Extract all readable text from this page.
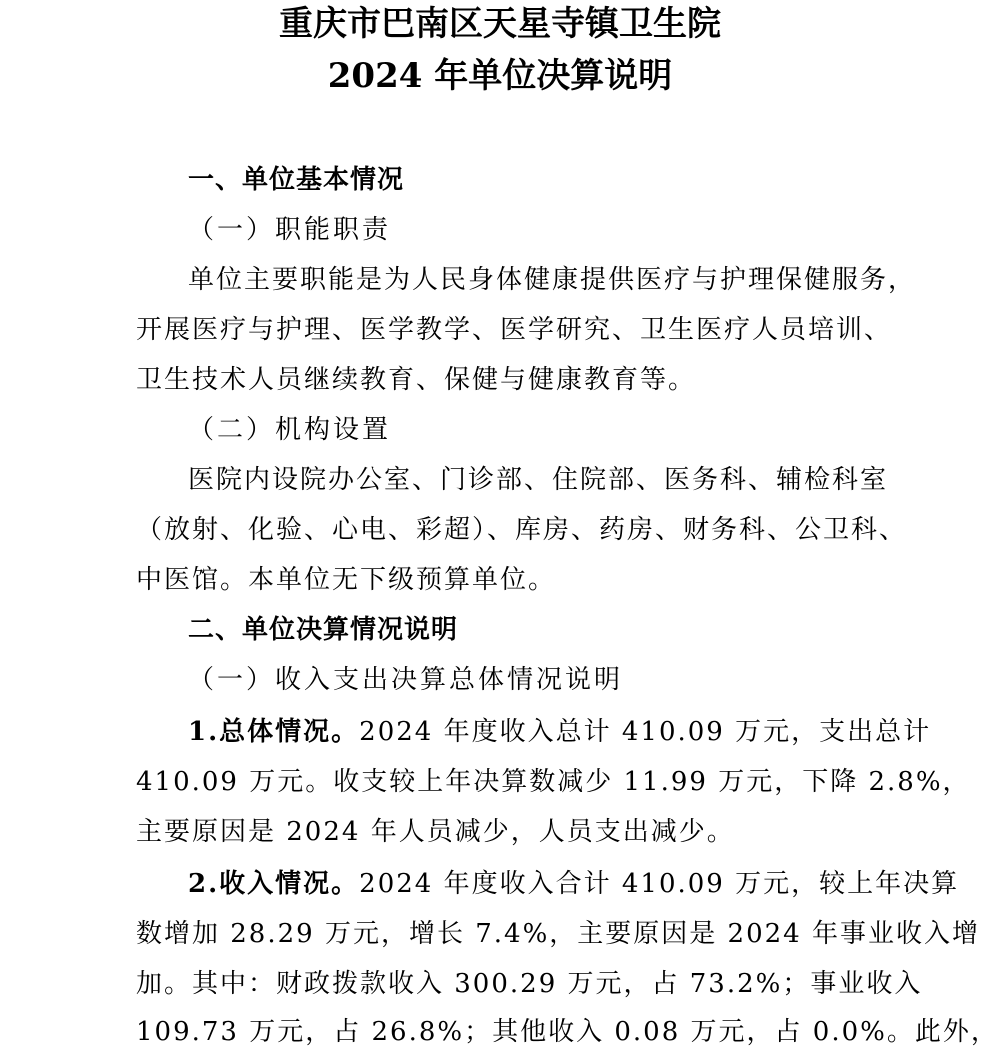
重庆市巴南区天星寺镇卫生院
2024 年单位决算说明

一、单位基本情况

（一）职能职责

单位主要职能是为人民身体健康提供医疗与护理保健服务，

开展医疗与护理、医学教学、医学研究、卫生医疗人员培训、

卫生技术人员继续教育、保健与健康教育等。

（二）机构设置

医院内设院办公室、门诊部、住院部、医务科、辅检科室

（放射、化验、心电、彩超）、库房、药房、财务科、公卫科、

中医馆。本单位无下级预算单位。

二、单位决算情况说明

（一）收入支出决算总体情况说明

1.总体情况。2024 年度收入总计 410.09 万元，支出总计

410.09 万元。收支较上年决算数减少 11.99 万元，下降 2.8%，

主要原因是 2024 年人员减少，人员支出减少。

2.收入情况。2024 年度收入合计 410.09 万元，较上年决算

数增加 28.29 万元，增长 7.4%，主要原因是 2024 年事业收入增

加。其中：财政拨款收入 300.29 万元，占 73.2%；事业收入

109.73 万元，占 26.8%；其他收入 0.08 万元，占 0.0%。此外，
